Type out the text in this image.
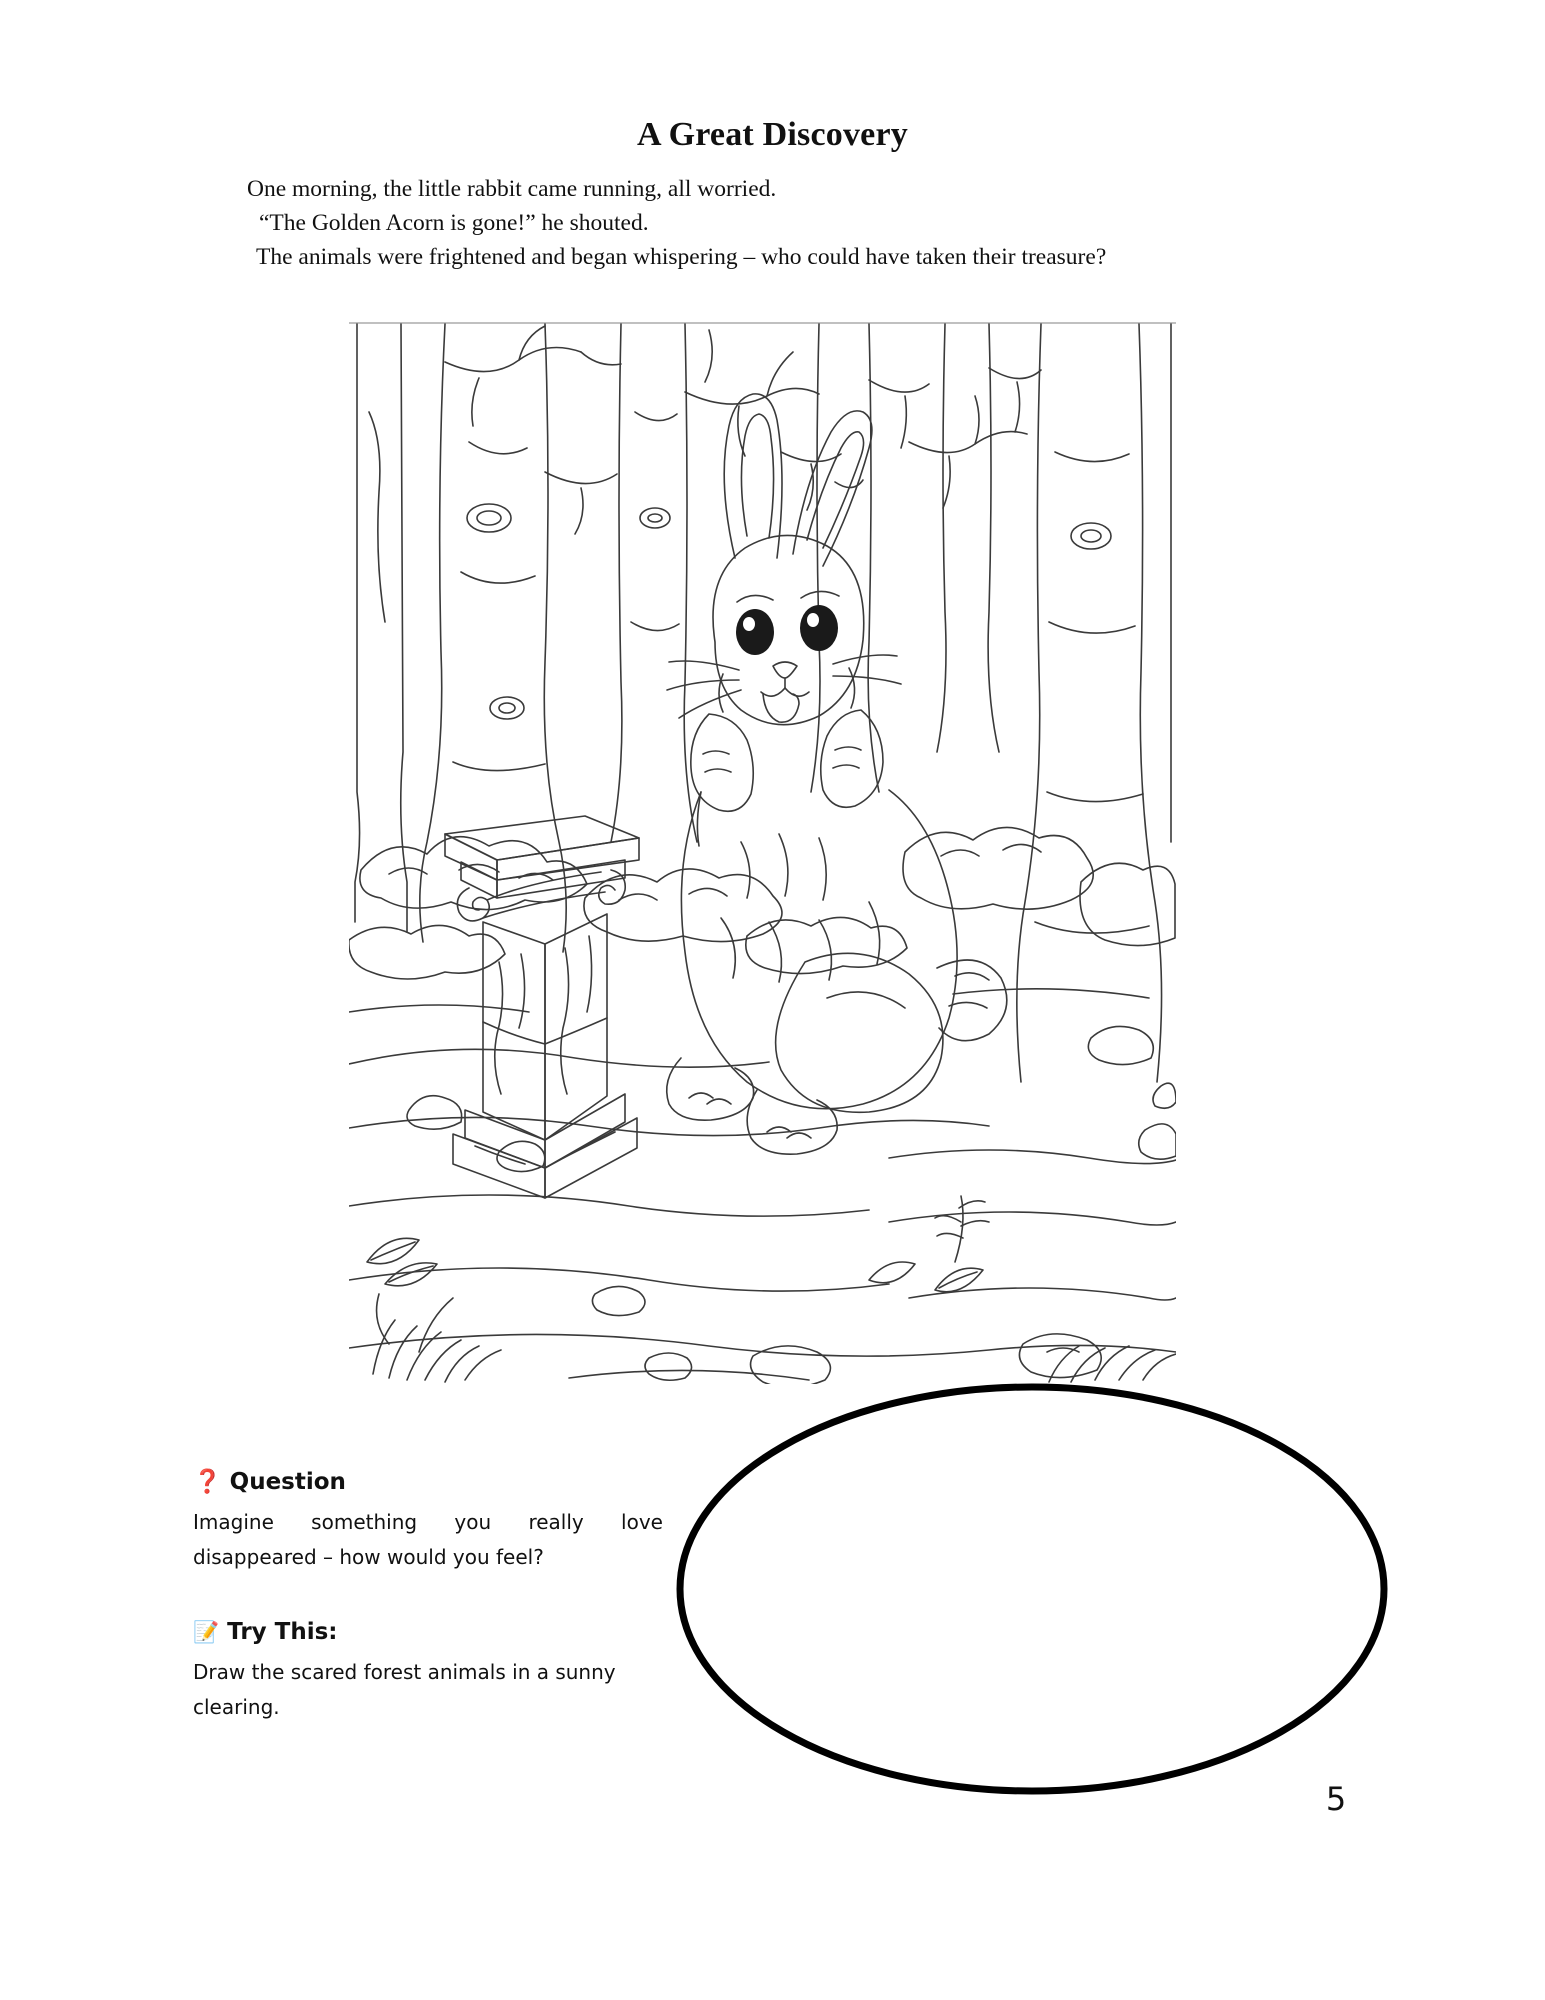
A Great Discovery

One morning, the little rabbit came running, all worried.

“The Golden Acorn is gone!” he shouted.

The animals were frightened and began whispering – who could have taken their treasure?

❓ Question
Imagine something you really love disappeared – how would you feel?
📝 Try This:
Draw the scared forest animals in a sunny clearing.
5
